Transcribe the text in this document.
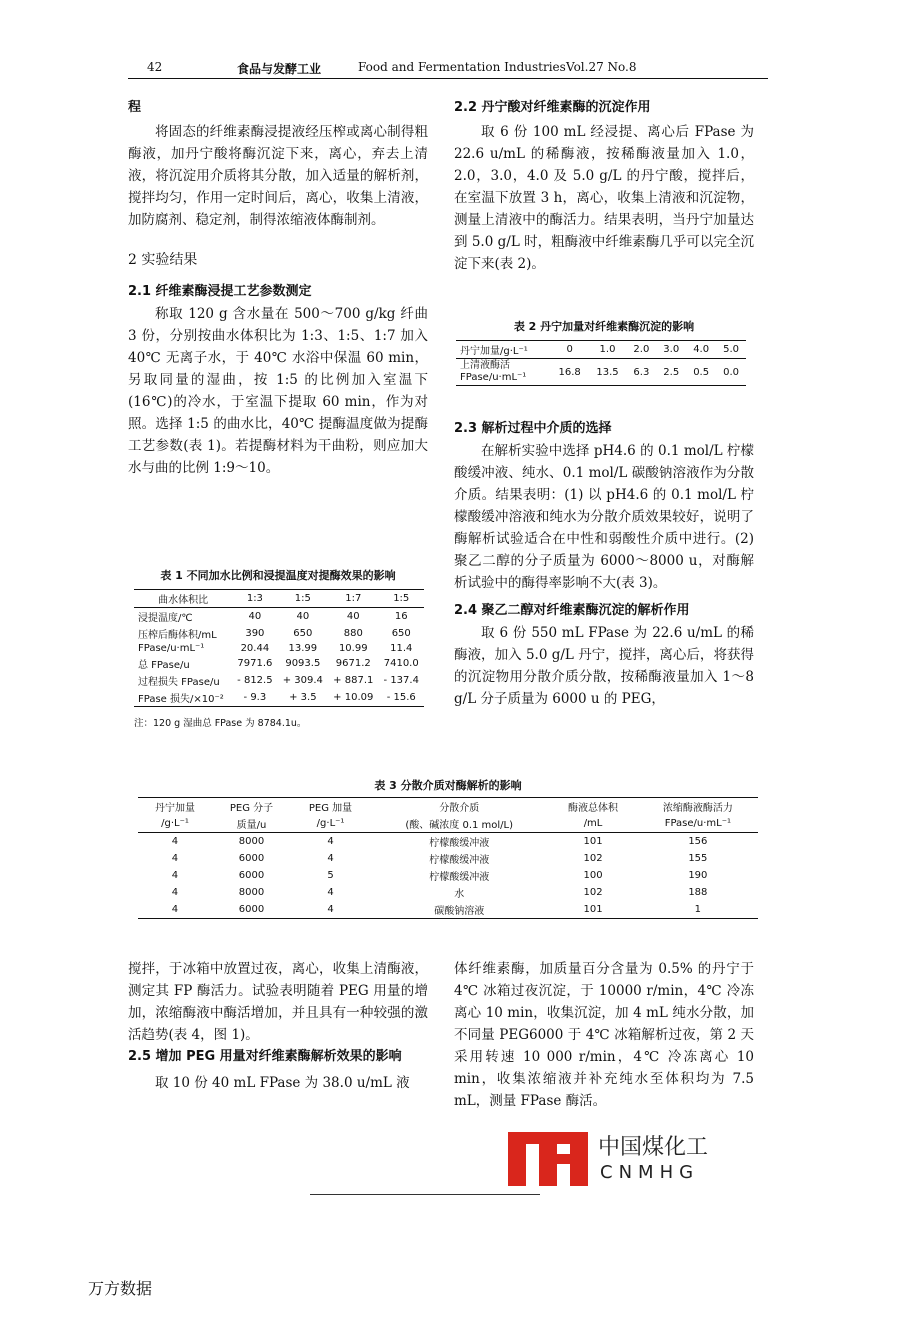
42	食品与发酵工业	Food and Fermentation Industries Vol.27 No.8

程

将固态的纤维素酶浸提液经压榨或离心制得粗酶液，加丹宁酸将酶沉淀下来，离心，弃去上清液，将沉淀用介质将其分散，加入适量的解析剂，搅拌均匀，作用一定时间后，离心，收集上清液，加防腐剂、稳定剂，制得浓缩液体酶制剂。

2 实验结果

2.1 纤维素酶浸提工艺参数测定

称取 120 g 含水量在 500～700 g/kg 纤曲 3 份，分别按曲水体积比为 1:3、1:5、1:7 加入 40℃ 无离子水，于 40℃ 水浴中保温 60 min，另取同量的湿曲，按 1:5 的比例加入室温下(16℃)的冷水，于室温下提取 60 min，作为对照。选择 1:5 的曲水比，40℃ 提酶温度做为提酶工艺参数(表 1)。若提酶材料为干曲粉，则应加大水与曲的比例 1:9～10。

表 1 不同加水比例和浸提温度对提酶效果的影响

曲水体积比	1:3	1:5	1:7	1:5
浸提温度/℃	40	40	40	16
压榨后酶体积/mL	390	650	880	650
FPase/u·mL⁻¹	20.44	13.99	10.99	11.4
总 FPase/u	7971.6	9093.5	9671.2	7410.0
过程损失 FPase/u	- 812.5	+ 309.4	+ 887.1	- 137.4
FPase 损失/×10⁻²	- 9.3	+ 3.5	+ 10.09	- 15.6
注：120 g 湿曲总 FPase 为 8784.1u。

2.2 丹宁酸对纤维素酶的沉淀作用

取 6 份 100 mL 经浸提、离心后 FPase 为 22.6 u/mL 的稀酶液，按稀酶液量加入 1.0，2.0，3.0，4.0 及 5.0 g/L 的丹宁酸，搅拌后，在室温下放置 3 h，离心，收集上清液和沉淀物，测量上清液中的酶活力。结果表明，当丹宁加量达到 5.0 g/L 时，粗酶液中纤维素酶几乎可以完全沉淀下来(表 2)。

表 2 丹宁加量对纤维素酶沉淀的影响

丹宁加量/g·L⁻¹	0	1.0	2.0	3.0	4.0	5.0
上清液酶活
FPase/u·mL⁻¹	16.8	13.5	6.3	2.5	0.5	0.0

2.3 解析过程中介质的选择

在解析实验中选择 pH4.6 的 0.1 mol/L 柠檬酸缓冲液、纯水、0.1 mol/L 碳酸钠溶液作为分散介质。结果表明：(1) 以 pH4.6 的 0.1 mol/L 柠檬酸缓冲溶液和纯水为分散介质效果较好，说明了酶解析试验适合在中性和弱酸性介质中进行。(2) 聚乙二醇的分子质量为 6000～8000 u，对酶解析试验中的酶得率影响不大(表 3)。

2.4 聚乙二醇对纤维素酶沉淀的解析作用

取 6 份 550 mL FPase 为 22.6 u/mL 的稀酶液，加入 5.0 g/L 丹宁，搅拌，离心后，将获得的沉淀物用分散介质分散，按稀酶液量加入 1～8 g/L 分子质量为 6000 u 的 PEG，

表 3 分散介质对酶解析的影响

丹宁加量	PEG 分子	PEG 加量	分散介质	酶液总体积	浓缩酶液酶活力
/g·L⁻¹	质量/u	/g·L⁻¹	(酸、碱浓度 0.1 mol/L)	/mL	FPase/u·mL⁻¹
4	8000	4	柠檬酸缓冲液	101	156
4	6000	4	柠檬酸缓冲液	102	155
4	6000	5	柠檬酸缓冲液	100	190
4	8000	4	水	102	188
4	6000	4	碳酸钠溶液	101	1

搅拌，于冰箱中放置过夜，离心，收集上清酶液，测定其 FP 酶活力。试验表明随着 PEG 用量的增加，浓缩酶液中酶活增加，并且具有一种较强的激活趋势(表 4，图 1)。

2.5 增加 PEG 用量对纤维素酶解析效果的影响

取 10 份 40 mL FPase 为 38.0 u/mL 液

体纤维素酶，加质量百分含量为 0.5% 的丹宁于 4℃ 冰箱过夜沉淀，于 10000 r/min，4℃ 冷冻离心 10 min，收集沉淀，加 4 mL 纯水分散，加不同量 PEG6000 于 4℃ 冰箱解析过夜，第 2 天采用转速 10 000 r/min，4℃ 冷冻离心 10 min，收集浓缩液并补充纯水至体积均为 7.5 mL，测量 FPase 酶活。

中国煤化工
CNMHG
万方数据
